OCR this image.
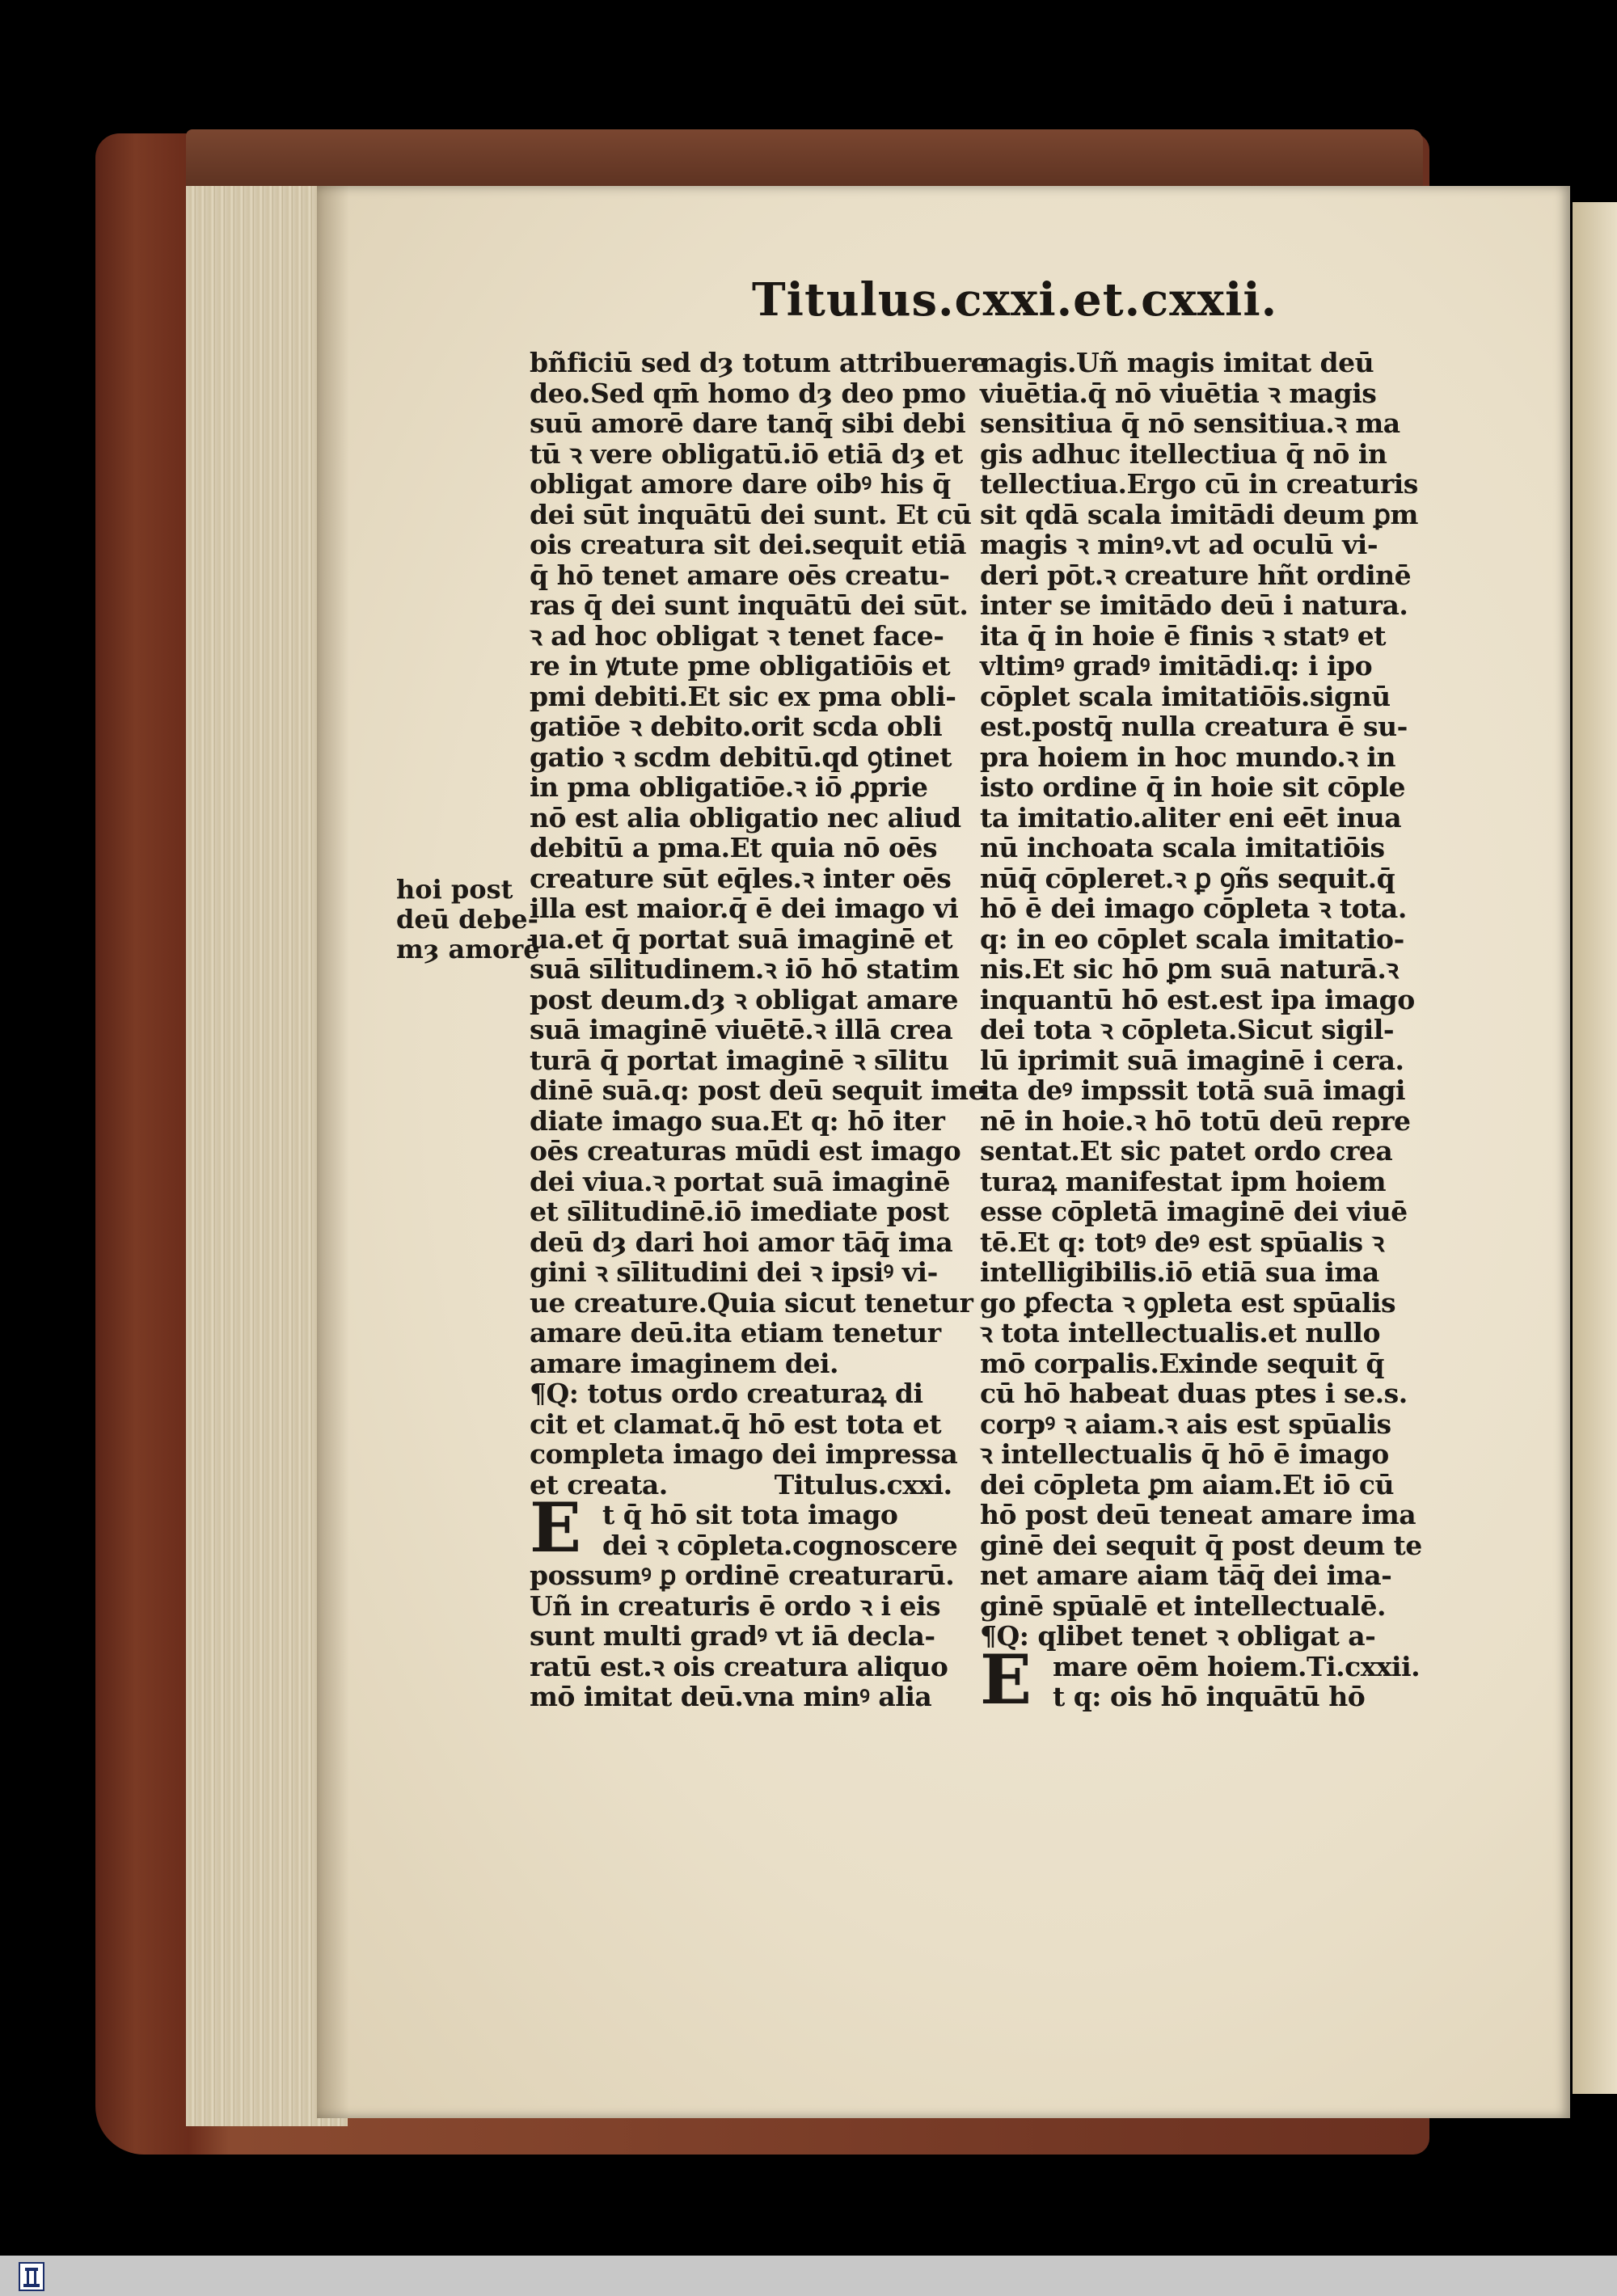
Titulus.cxxi.et.cxxii.
hoi post
deū debe-
mȝ amorē
bñficiū sed dȝ totum attribuere
deo.Sed qm̄ homo dȝ deo pmo
suū amorē dare tanq̄ sibi debi
tū ꝛ vere obligatū.iō etiā dȝ et
obligat amore dare oibꝰ his q̄
dei sūt inquātū dei sunt. Et cū
ois creatura sit dei.sequit etiā
q̄ hō tenet amare oēs creatu-
ras q̄ dei sunt inquātū dei sūt.
ꝛ ad hoc obligat ꝛ tenet face-
re in ꝟtute pme obligatiōis et
pmi debiti.Et sic ex pma obli-
gatiōe ꝛ debito.orit scda obli
gatio ꝛ scdm debitū.qd ꝯtinet
in pma obligatiōe.ꝛ iō ꝓprie
nō est alia obligatio nec aliud
debitū a pma.Et quia nō oēs
creature sūt eq̄les.ꝛ inter oēs
illa est maior.q̄ ē dei imago vi
ua.et q̄ portat suā imaginē et
suā sīlitudinem.ꝛ iō hō statim
post deum.dȝ ꝛ obligat amare
suā imaginē viuētē.ꝛ illā crea
turā q̄ portat imaginē ꝛ sīlitu
dinē suā.q: post deū sequit ime
diate imago sua.Et q: hō iter
oēs creaturas mūdi est imago
dei viua.ꝛ portat suā imaginē
et sīlitudinē.iō imediate post
deū dȝ dari hoi amor tāq̄ ima
gini ꝛ sīlitudini dei ꝛ ipsiꝰ vi-
ue creature.Quia sicut tenetur
amare deū.ita etiam tenetur
amare imaginem dei.
¶Q: totus ordo creaturaꝝ di
cit et clamat.q̄ hō est tota et
completa imago dei impressa
et creata.	Titulus.cxxi.
E t q̄ hō sit tota imago
dei ꝛ cōpleta.cognoscere
possumꝰ ꝑ ordinē creaturarū.
Uñ in creaturis ē ordo ꝛ i eis
sunt multi gradꝰ vt iā decla-
ratū est.ꝛ ois creatura aliquo
mō imitat deū.vna minꝰ alia
magis.Uñ magis imitat deū
viuētia.q̄ nō viuētia ꝛ magis
sensitiua q̄ nō sensitiua.ꝛ ma
gis adhuc itellectiua q̄ nō in
tellectiua.Ergo cū in creaturis
sit qdā scala imitādi deum ꝑm
magis ꝛ minꝰ.vt ad oculū vi-
deri pōt.ꝛ creature hñt ordinē
inter se imitādo deū i natura.
ita q̄ in hoie ē finis ꝛ statꝰ et
vltimꝰ gradꝰ imitādi.q: i ipo
cōplet scala imitatiōis.signū
est.postq̄ nulla creatura ē su-
pra hoiem in hoc mundo.ꝛ in
isto ordine q̄ in hoie sit cōple
ta imitatio.aliter eni eēt inua
nū inchoata scala imitatiōis
nūq̄ cōpleret.ꝛ ꝑ ꝯñs sequit.q̄
hō ē dei imago cōpleta ꝛ tota.
q: in eo cōplet scala imitatio-
nis.Et sic hō ꝑm suā naturā.ꝛ
inquantū hō est.est ipa imago
dei tota ꝛ cōpleta.Sicut sigil-
lū iprimit suā imaginē i cera.
ita deꝰ impssit totā suā imagi
nē in hoie.ꝛ hō totū deū repre
sentat.Et sic patet ordo crea
turaꝝ manifestat ipm hoiem
esse cōpletā imaginē dei viuē
tē.Et q: totꝰ deꝰ est spūalis ꝛ
intelligibilis.iō etiā sua ima
go ꝑfecta ꝛ ꝯpleta est spūalis
ꝛ tota intellectualis.et nullo
mō corpalis.Exinde sequit q̄
cū hō habeat duas ptes i se.s.
corpꝰ ꝛ aiam.ꝛ ais est spūalis
ꝛ intellectualis q̄ hō ē imago
dei cōpleta ꝑm aiam.Et iō cū
hō post deū teneat amare ima
ginē dei sequit q̄ post deum te
net amare aiam tāq̄ dei ima-
ginē spūalē et intellectualē.
¶Q: qlibet tenet ꝛ obligat a-
E mare oēm hoiem.Ti.cxxii.
t q: ois hō inquātū hō
